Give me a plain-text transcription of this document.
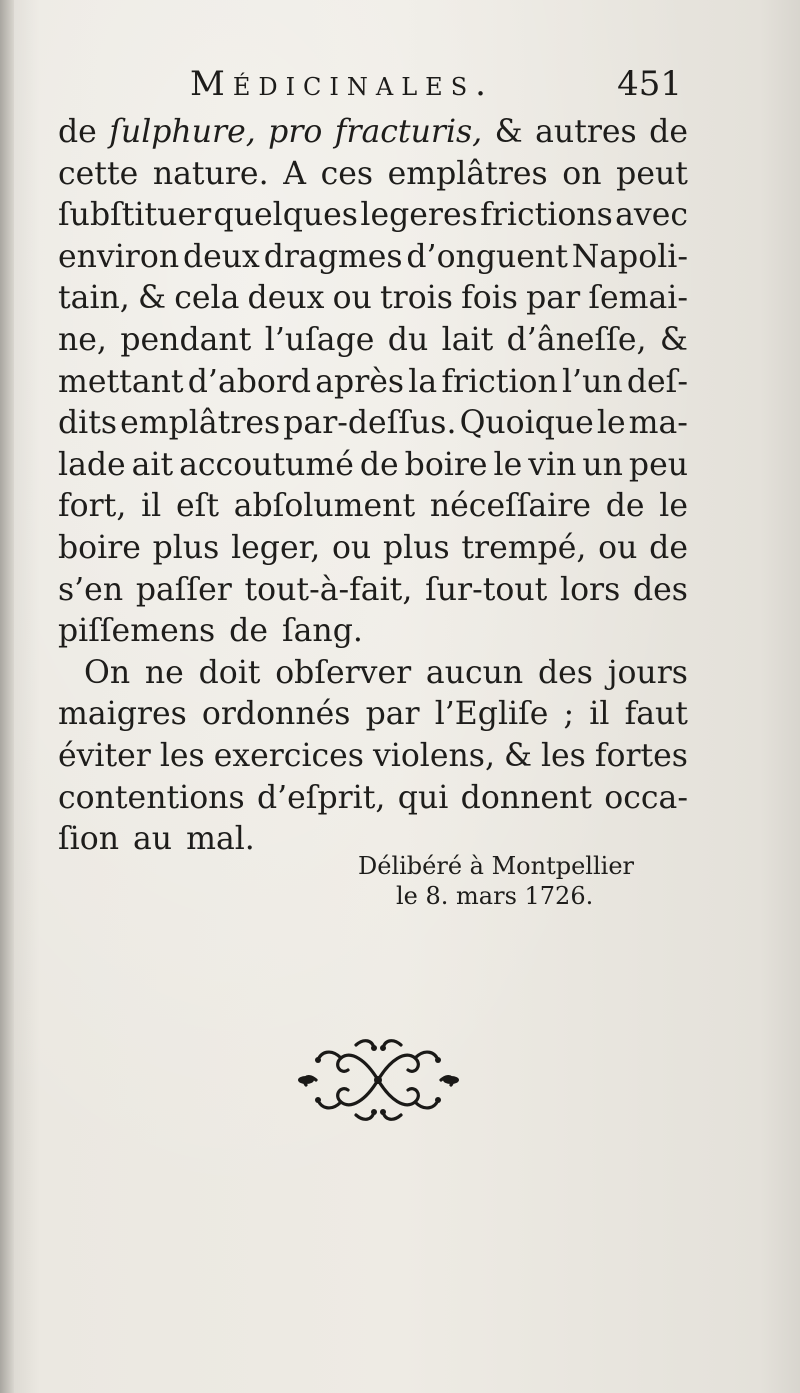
Médicinales.	451
de ſulphure, pro fracturis, & autres de
cette nature. A ces emplâtres on peut
ſubſtituer quelques legeres frictions avec
environ deux dragmes d’onguent Napoli-
tain, & cela deux ou trois fois par ſemai-
ne, pendant l’uſage du lait d’âneſſe, &
mettant d’abord après la friction l’un deſ-
dits emplâtres par-deſſus. Quoique le ma-
lade ait accoutumé de boire le vin un peu
fort, il eſt abſolument néceſſaire de le
boire plus leger, ou plus trempé, ou de
s’en paſſer tout-à-fait, ſur-tout lors des
piſſemens de ſang.
On ne doit obſerver aucun des jours
maigres ordonnés par l’Egliſe ; il faut
éviter les exercices violens, & les fortes
contentions d’eſprit, qui donnent occa-
ſion au mal.
Délibéré à Montpellier
le 8. mars 1726.
